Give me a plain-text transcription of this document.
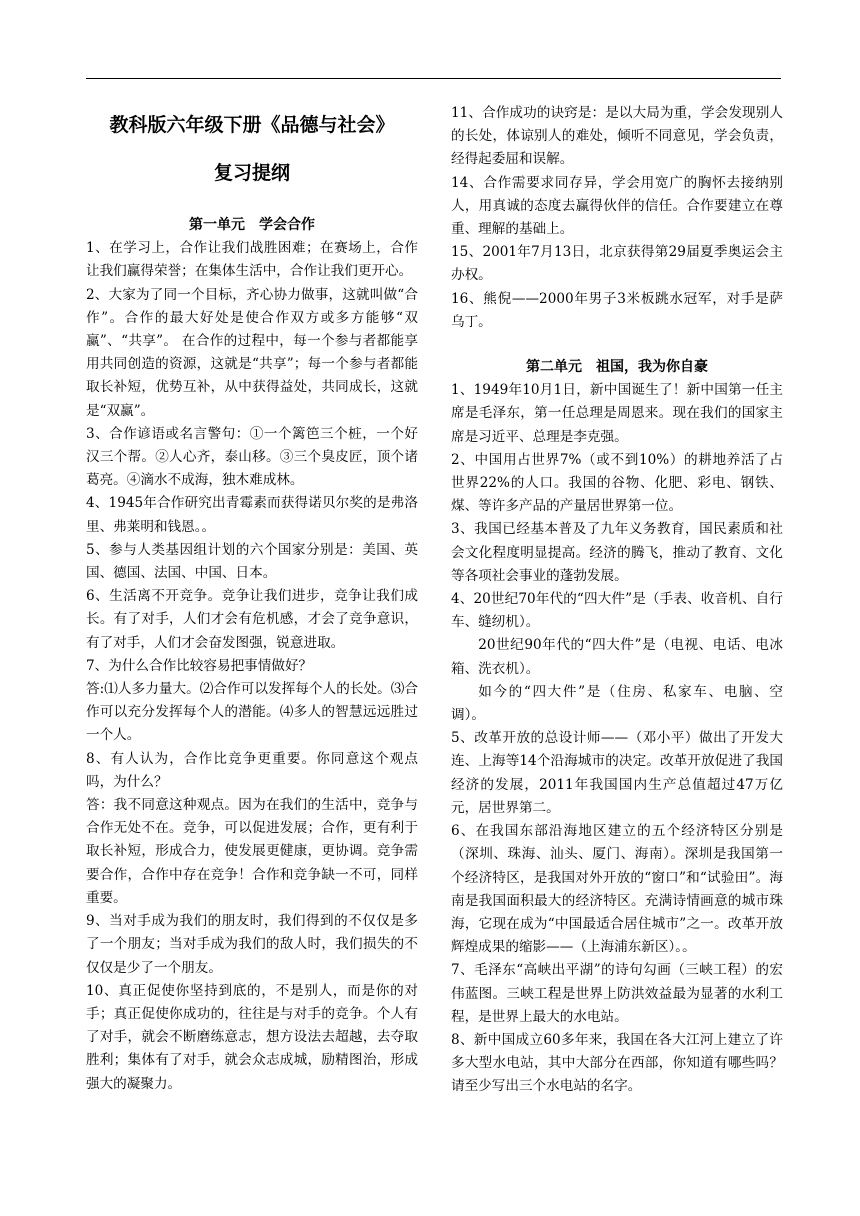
教科版六年级下册《品德与社会》
复习提纲
第一单元　学会合作

1、在学习上，合作让我们战胜困难；在赛场上，合作让我们赢得荣誉；在集体生活中，合作让我们更开心。

2、大家为了同一个目标，齐心协力做事，这就叫做“合作”。合作的最大好处是使合作双方或多方能够“双赢”、“共享”。 在合作的过程中，每一个参与者都能享用共同创造的资源，这就是“共享”；每一个参与者都能取长补短，优势互补，从中获得益处，共同成长，这就是“双赢”。

3、合作谚语或名言警句：①一个篱笆三个桩，一个好汉三个帮。②人心齐，泰山移。③三个臭皮匠，顶个诸葛亮。④滴水不成海，独木难成林。

4、1945年合作研究出青霉素而获得诺贝尔奖的是弗洛里、弗莱明和钱恩。。

5、参与人类基因组计划的六个国家分别是：美国、英国、德国、法国、中国、日本。

6、生活离不开竞争。竞争让我们进步，竞争让我们成长。有了对手，人们才会有危机感，才会了竞争意识，有了对手，人们才会奋发图强，锐意进取。

7、为什么合作比较容易把事情做好？

答:⑴人多力量大。⑵合作可以发挥每个人的长处。⑶合作可以充分发挥每个人的潜能。⑷多人的智慧远远胜过一个人。

8、有人认为，合作比竞争更重要。你同意这个观点吗，为什么？

答：我不同意这种观点。因为在我们的生活中，竞争与合作无处不在。竞争，可以促进发展；合作，更有利于取长补短，形成合力，使发展更健康，更协调。竞争需要合作，合作中存在竞争！合作和竞争缺一不可，同样重要。

9、当对手成为我们的朋友时，我们得到的不仅仅是多了一个朋友；当对手成为我们的敌人时，我们损失的不仅仅是少了一个朋友。

10、真正促使你坚持到底的，不是别人，而是你的对手；真正促使你成功的，往往是与对手的竞争。个人有了对手，就会不断磨练意志，想方设法去超越，去夺取胜利；集体有了对手，就会众志成城，励精图治，形成强大的凝聚力。

11、合作成功的诀窍是：是以大局为重，学会发现别人的长处，体谅别人的难处，倾听不同意见，学会负责，经得起委屈和误解。

14、合作需要求同存异，学会用宽广的胸怀去接纳别人，用真诚的态度去赢得伙伴的信任。合作要建立在尊重、理解的基础上。

15、2001年7月13日，北京获得第29届夏季奥运会主办权。

16、熊倪——2000年男子3米板跳水冠军，对手是萨乌丁。

第二单元　祖国，我为你自豪

1、1949年10月1日，新中国诞生了！新中国第一任主席是毛泽东，第一任总理是周恩来。现在我们的国家主席是习近平、总理是李克强。

2、中国用占世界7%（或不到10%）的耕地养活了占世界22%的人口。我国的谷物、化肥、彩电、钢铁、煤、等许多产品的产量居世界第一位。

3、我国已经基本普及了九年义务教育，国民素质和社会文化程度明显提高。经济的腾飞，推动了教育、文化等各项社会事业的蓬勃发展。

4、20世纪70年代的“四大件”是（手表、收音机、自行车、缝纫机）。

20世纪90年代的“四大件”是（电视、电话、电冰箱、洗衣机）。

如今的“四大件”是（住房、私家车、电脑、空调）。

5、改革开放的总设计师——（邓小平）做出了开发大连、上海等14个沿海城市的决定。改革开放促进了我国经济的发展，2011年我国国内生产总值超过47万亿元，居世界第二。

6、在我国东部沿海地区建立的五个经济特区分别是（深圳、珠海、汕头、厦门、海南）。深圳是我国第一个经济特区，是我国对外开放的“窗口”和“试验田”。海南是我国面积最大的经济特区。充满诗情画意的城市珠海，它现在成为“中国最适合居住城市”之一。改革开放辉煌成果的缩影——（上海浦东新区）。。

7、毛泽东“高峡出平湖”的诗句勾画（三峡工程）的宏伟蓝图。三峡工程是世界上防洪效益最为显著的水利工程，是世界上最大的水电站。

8、新中国成立60多年来，我国在各大江河上建立了许多大型水电站，其中大部分在西部，你知道有哪些吗？请至少写出三个水电站的名字。
